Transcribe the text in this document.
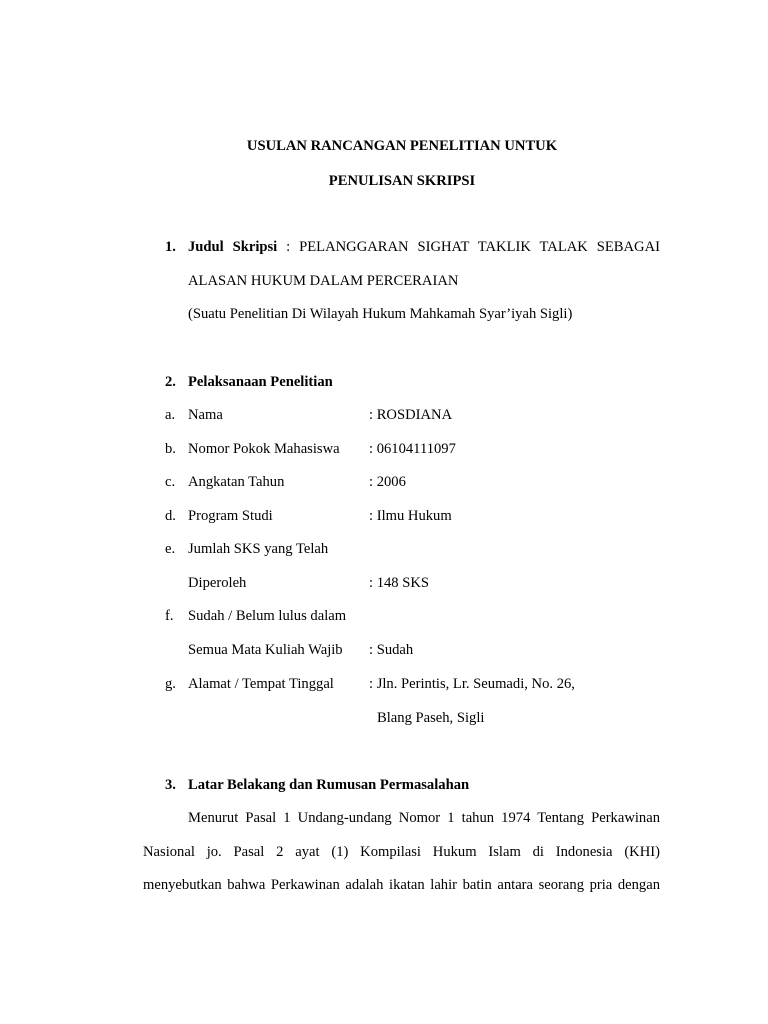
USULAN RANCANGAN PENELITIAN UNTUK
PENULISAN SKRIPSI
1. Judul Skripsi : PELANGGARAN SIGHAT TAKLIK TALAK SEBAGAI
ALASAN HUKUM DALAM PERCERAIAN
(Suatu Penelitian Di Wilayah Hukum Mahkamah Syar’iyah Sigli)
2. Pelaksanaan Penelitian
a. Nama	: ROSDIANA
b. Nomor Pokok Mahasiswa : 06104111097
c. Angkatan Tahun	: 2006
d. Program Studi	: Ilmu Hukum
e. Jumlah SKS yang Telah
Diperoleh	: 148 SKS
f. Sudah / Belum lulus dalam
Semua Mata Kuliah Wajib : Sudah
g. Alamat / Tempat Tinggal : Jln. Perintis, Lr. Seumadi, No. 26,
Blang Paseh, Sigli
3. Latar Belakang dan Rumusan Permasalahan
Menurut Pasal 1 Undang-undang Nomor 1 tahun 1974 Tentang Perkawinan
Nasional jo. Pasal 2 ayat (1) Kompilasi Hukum Islam di Indonesia (KHI)
menyebutkan bahwa Perkawinan adalah ikatan lahir batin antara seorang pria dengan
